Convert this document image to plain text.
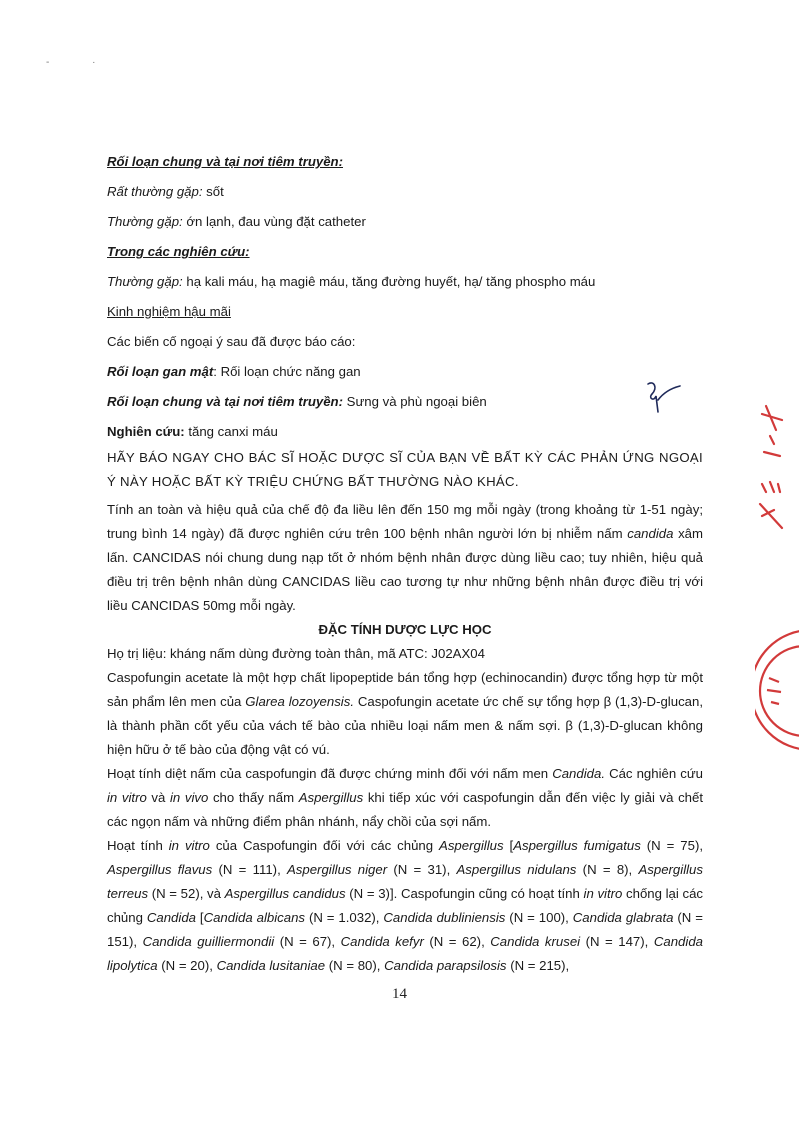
- ·

Rối loạn chung và tại nơi tiêm truyền:

Rất thường gặp: sốt

Thường gặp: ớn lạnh, đau vùng đặt catheter

Trong các nghiên cứu:

Thường gặp: hạ kali máu, hạ magiê máu, tăng đường huyết, hạ/ tăng phospho máu

Kinh nghiệm hậu mãi

Các biến cố ngoại ý sau đã được báo cáo:

Rối loạn gan mật: Rối loạn chức năng gan

Rối loạn chung và tại nơi tiêm truyền: Sưng và phù ngoại biên

Nghiên cứu: tăng canxi máu

HÃY BÁO NGAY CHO BÁC SĨ HOẶC DƯỢC SĨ CỦA BẠN VỀ BẤT KỲ CÁC PHẢN ỨNG NGOẠI Ý NÀY HOẶC BẤT KỲ TRIỆU CHỨNG BẤT THƯỜNG NÀO KHÁC.

Tính an toàn và hiệu quả của chế độ đa liều lên đến 150 mg mỗi ngày (trong khoảng từ 1-51 ngày; trung bình 14 ngày) đã được nghiên cứu trên 100 bệnh nhân người lớn bị nhiễm nấm candida xâm lấn. CANCIDAS nói chung dung nạp tốt ở nhóm bệnh nhân được dùng liều cao; tuy nhiên, hiệu quả điều trị trên bệnh nhân dùng CANCIDAS liều cao tương tự như những bệnh nhân được điều trị với liều CANCIDAS 50mg mỗi ngày.

ĐẶC TÍNH DƯỢC LỰC HỌC

Họ trị liệu: kháng nấm dùng đường toàn thân, mã ATC: J02AX04

Caspofungin acetate là một hợp chất lipopeptide bán tổng hợp (echinocandin) được tổng hợp từ một sản phẩm lên men của Glarea lozoyensis. Caspofungin acetate ức chế sự tổng hợp β (1,3)-D-glucan, là thành phần cốt yếu của vách tế bào của nhiều loại nấm men & nấm sợi. β (1,3)-D-glucan không hiện hữu ở tế bào của động vật có vú.

Hoạt tính diệt nấm của caspofungin đã được chứng minh đối với nấm men Candida. Các nghiên cứu in vitro và in vivo cho thấy nấm Aspergillus khi tiếp xúc với caspofungin dẫn đến việc ly giải và chết các ngọn nấm và những điểm phân nhánh, nẩy chồi của sợi nấm.

Hoạt tính in vitro của Caspofungin đối với các chủng Aspergillus [Aspergillus fumigatus (N = 75), Aspergillus flavus (N = 111), Aspergillus niger (N = 31), Aspergillus nidulans (N = 8), Aspergillus terreus (N = 52), và Aspergillus candidus (N = 3)]. Caspofungin cũng có hoạt tính in vitro chống lại các chủng Candida [Candida albicans (N = 1.032), Candida dubliniensis (N = 100), Candida glabrata (N = 151), Candida guilliermondii (N = 67), Candida kefyr (N = 62), Candida krusei (N = 147), Candida lipolytica (N = 20), Candida lusitaniae (N = 80), Candida parapsilosis (N = 215),

14
